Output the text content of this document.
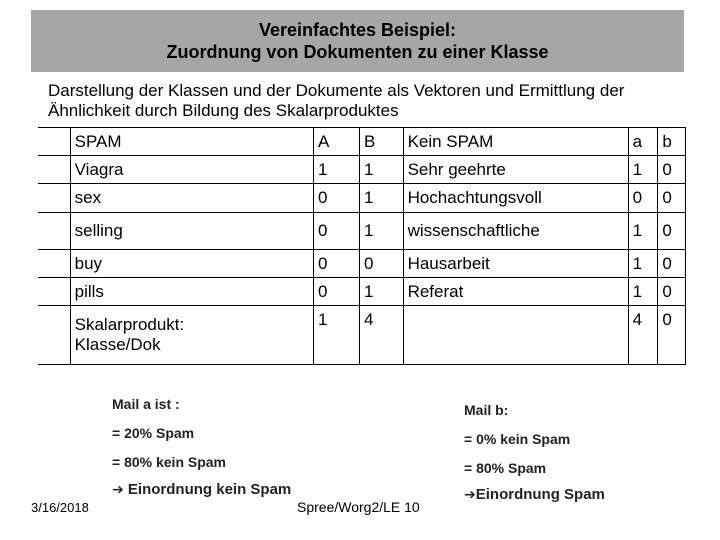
Vereinfachtes Beispiel:
Zuordnung von Dokumenten zu einer Klasse
Darstellung der Klassen und der Dokumente als Vektoren und Ermittlung der
Ähnlichkeit durch Bildung des Skalarproduktes
	SPAM	A	B	Kein SPAM	a	b
	Viagra	1	1	Sehr geehrte	1	0
	sex	0	1	Hochachtungsvoll	0	0
	selling	0	1	wissenschaftliche	1	0
	buy	0	0	Hausarbeit	1	0
	pills	0	1	Referat	1	0

	Skalarprodukt:
Klasse/Dok	1	4		4	0
Mail a ist :
= 20% Spam
= 80% kein Spam
Mail b:
= 0% kein Spam
= 80% Spam
➔ Einordnung kein Spam	➔Einordnung Spam
3/16/2018	Spree/Worg2/LE 10
